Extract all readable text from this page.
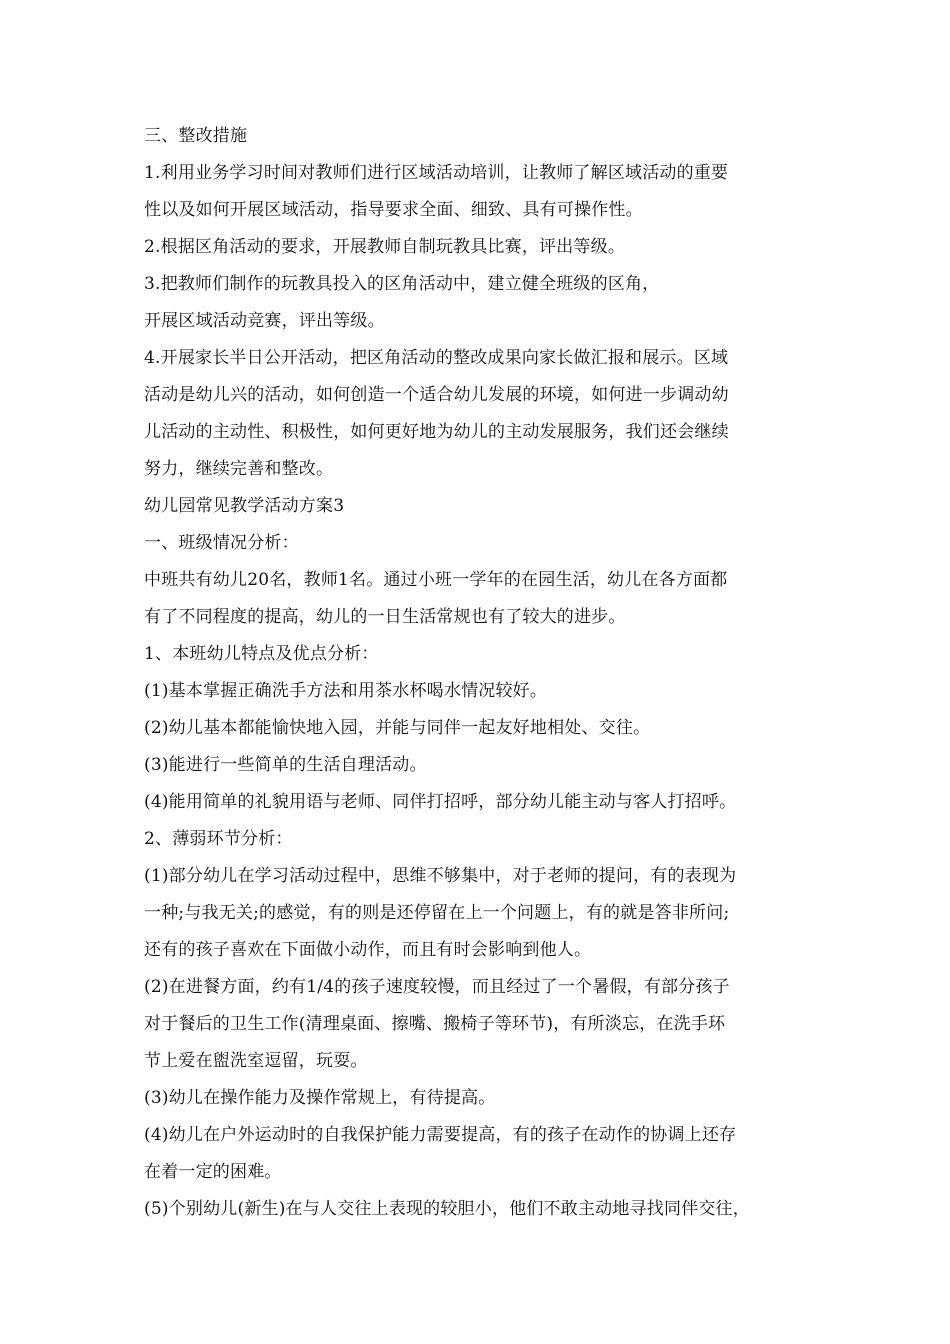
三、整改措施
1.利用业务学习时间对教师们进行区域活动培训，让教师了解区域活动的重要
性以及如何开展区域活动，指导要求全面、细致、具有可操作性。
2.根据区角活动的要求，开展教师自制玩教具比赛，评出等级。
3.把教师们制作的玩教具投入的区角活动中，建立健全班级的区角，
开展区域活动竞赛，评出等级。
4.开展家长半日公开活动，把区角活动的整改成果向家长做汇报和展示。区域
活动是幼儿兴的活动，如何创造一个适合幼儿发展的环境，如何进一步调动幼
儿活动的主动性、积极性，如何更好地为幼儿的主动发展服务，我们还会继续
努力，继续完善和整改。
幼儿园常见教学活动方案3
一、班级情况分析：
中班共有幼儿20名，教师1名。通过小班一学年的在园生活，幼儿在各方面都
有了不同程度的提高，幼儿的一日生活常规也有了较大的进步。
1、本班幼儿特点及优点分析：
(1)基本掌握正确洗手方法和用茶水杯喝水情况较好。
(2)幼儿基本都能愉快地入园，并能与同伴一起友好地相处、交往。
(3)能进行一些简单的生活自理活动。
(4)能用简单的礼貌用语与老师、同伴打招呼，部分幼儿能主动与客人打招呼。
2、薄弱环节分析：
(1)部分幼儿在学习活动过程中，思维不够集中，对于老师的提问，有的表现为
一种;与我无关;的感觉，有的则是还停留在上一个问题上，有的就是答非所问;
还有的孩子喜欢在下面做小动作，而且有时会影响到他人。
(2)在进餐方面，约有1/4的孩子速度较慢，而且经过了一个暑假，有部分孩子
对于餐后的卫生工作(清理桌面、擦嘴、搬椅子等环节)，有所淡忘，在洗手环
节上爱在盥洗室逗留，玩耍。
(3)幼儿在操作能力及操作常规上，有待提高。
(4)幼儿在户外运动时的自我保护能力需要提高，有的孩子在动作的协调上还存
在着一定的困难。
(5)个别幼儿(新生)在与人交往上表现的较胆小，他们不敢主动地寻找同伴交往，
